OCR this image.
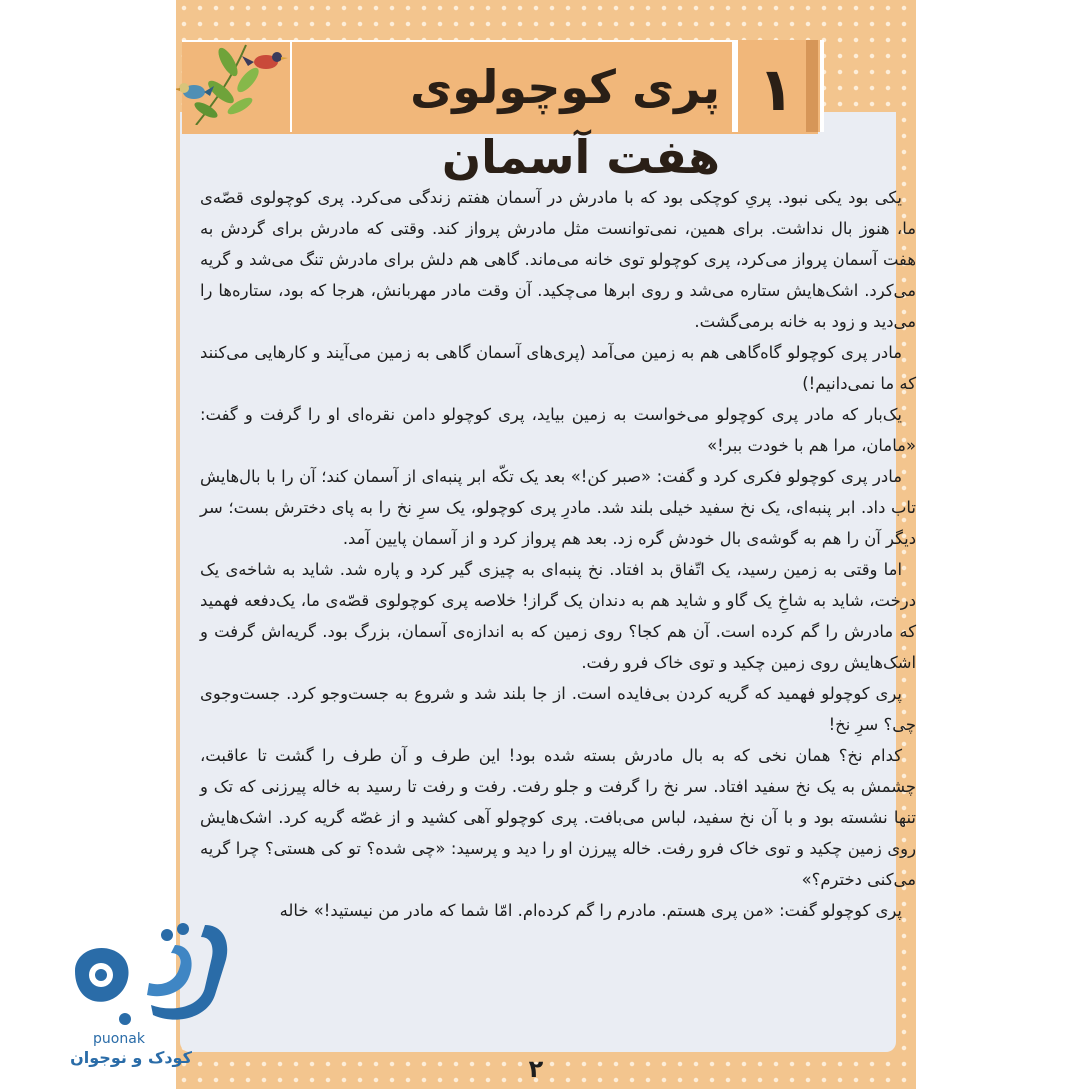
پری کوچولوی هفت آسمان
۱

یکی بود یکی نبود. پریِ کوچکی بود که با مادرش در آسمان هفتم زندگی می‌کرد. پری کوچولوی قصّه‌ی ما، هنوز بال نداشت. برای همین، نمی‌توانست مثل مادرش پرواز کند. وقتی که مادرش برای گردش به هفت آسمان پرواز می‌کرد، پری کوچولو توی خانه می‌ماند. گاهی هم دلش برای مادرش تنگ می‌شد و گریه می‌کرد. اشک‌هایش ستاره می‌شد و روی ابرها می‌چکید. آن وقت مادر مهربانش، هرجا که بود، ستاره‌ها را می‌دید و زود به خانه برمی‌گشت.

مادر پری کوچولو گاه‌گاهی هم به زمین می‌آمد (پری‌های آسمان گاهی به زمین می‌آیند و کارهایی می‌کنند که ما نمی‌دانیم!)

یک‌بار که مادر پری کوچولو می‌خواست به زمین بیاید، پری کوچولو دامن نقره‌ای او را گرفت و گفت: «مامان، مرا هم با خودت ببر!»

مادر پری کوچولو فکری کرد و گفت: «صبر کن!» بعد یک تکّه ابر پنبه‌ای از آسمان کند؛ آن را با بال‌هایش تاب داد. ابر پنبه‌ای، یک نخ سفید خیلی بلند شد. مادرِ پری کوچولو، یک سرِ نخ را به پای دخترش بست؛ سر دیگر آن را هم به گوشه‌ی بال خودش گره زد. بعد هم پرواز کرد و از آسمان پایین آمد.

اما وقتی به زمین رسید، یک اتّفاق بد افتاد. نخ پنبه‌ای به چیزی گیر کرد و پاره شد. شاید به شاخه‌ی یک درخت، شاید به شاخِ یک گاو و شاید هم به دندان یک گراز! خلاصه پری کوچولوی قصّه‌ی ما، یک‌دفعه فهمید که مادرش را گم کرده است. آن هم کجا؟ روی زمین که به اندازه‌ی آسمان، بزرگ بود. گریه‌اش گرفت و اشک‌هایش روی زمین چکید و توی خاک فرو رفت.

پری کوچولو فهمید که گریه کردن بی‌فایده است. از جا بلند شد و شروع به جست‌وجو کرد. جست‌وجوی چی؟ سرِ نخ!

کدام نخ؟ همان نخی که به بال مادرش بسته شده بود! این طرف و آن طرف را گشت تا عاقبت، چشمش به یک نخ سفید افتاد. سر نخ را گرفت و جلو رفت. رفت و رفت تا رسید به خاله پیرزنی که تک و تنها نشسته بود و با آن نخ سفید، لباس می‌بافت. پری کوچولو آهی کشید و از غصّه گریه کرد. اشک‌هایش روی زمین چکید و توی خاک فرو رفت. خاله پیرزن او را دید و پرسید: «چی شده؟ تو کی هستی؟ چرا گریه می‌کنی دخترم؟»

پری کوچولو گفت: «من پری هستم. مادرم را گم کرده‌ام. امّا شما که مادر من نیستید!» خاله

۲
puonak
کودک و نوجوان
